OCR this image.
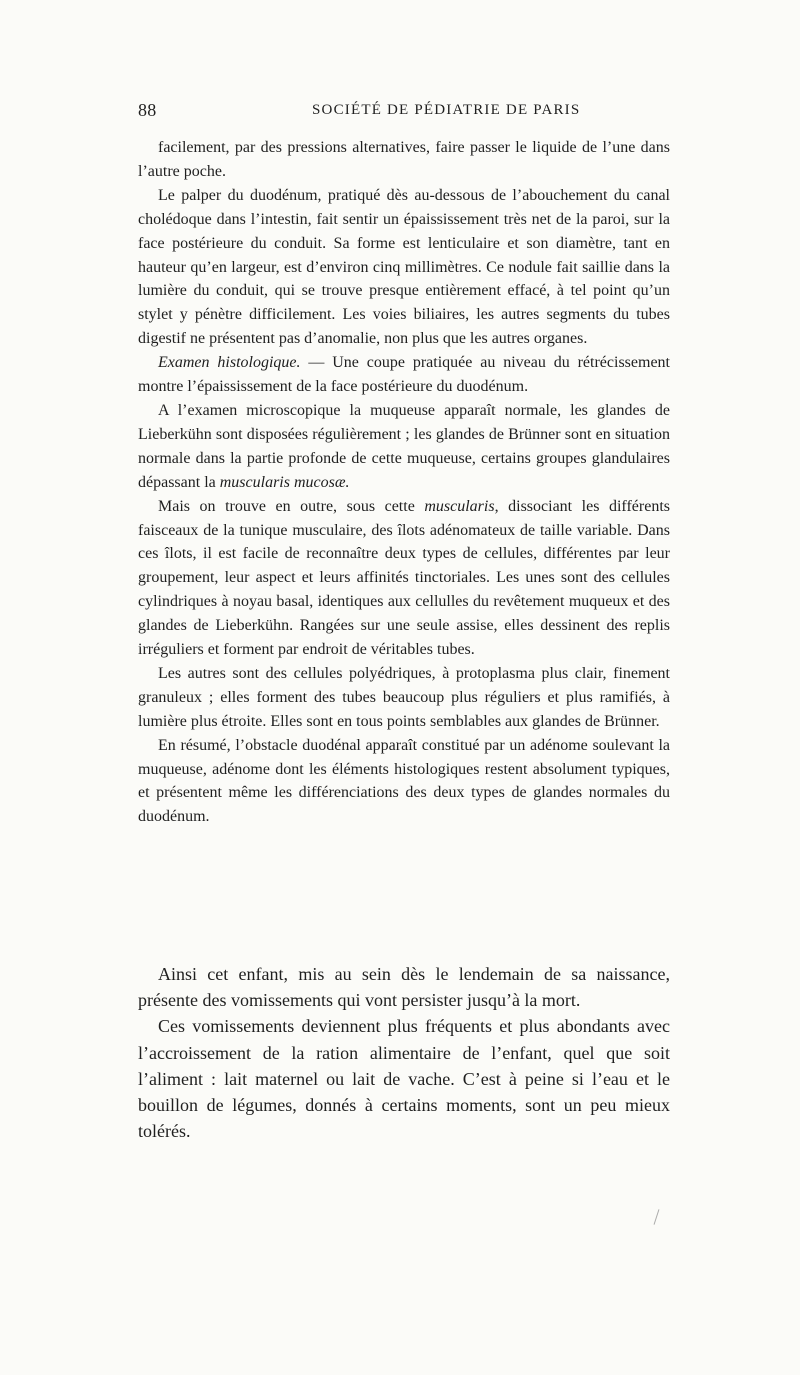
88	SOCIÉTÉ DE PÉDIATRIE DE PARIS

facilement, par des pressions alternatives, faire passer le liquide de l’une dans l’autre poche.

Le palper du duodénum, pratiqué dès au-dessous de l’abouchement du canal cholédoque dans l’intestin, fait sentir un épaississement très net de la paroi, sur la face postérieure du conduit. Sa forme est lenticulaire et son diamètre, tant en hauteur qu’en largeur, est d’environ cinq millimètres. Ce nodule fait saillie dans la lumière du conduit, qui se trouve presque entièrement effacé, à tel point qu’un stylet y pénètre difficilement. Les voies biliaires, les autres segments du tubes digestif ne présentent pas d’anomalie, non plus que les autres organes.

Examen histologique. — Une coupe pratiquée au niveau du rétrécissement montre l’épaississement de la face postérieure du duodénum.

A l’examen microscopique la muqueuse apparaît normale, les glandes de Lieberkühn sont disposées régulièrement ; les glandes de Brünner sont en situation normale dans la partie profonde de cette muqueuse, certains groupes glandulaires dépassant la muscularis mucosæ.

Mais on trouve en outre, sous cette muscularis, dissociant les différents faisceaux de la tunique musculaire, des îlots adénomateux de taille variable. Dans ces îlots, il est facile de reconnaître deux types de cellules, différentes par leur groupement, leur aspect et leurs affinités tinctoriales. Les unes sont des cellules cylindriques à noyau basal, identiques aux cellulles du revêtement muqueux et des glandes de Lieberkühn. Rangées sur une seule assise, elles dessinent des replis irréguliers et forment par endroit de véritables tubes.

Les autres sont des cellules polyédriques, à protoplasma plus clair, finement granuleux ; elles forment des tubes beaucoup plus réguliers et plus ramifiés, à lumière plus étroite. Elles sont en tous points semblables aux glandes de Brünner.

En résumé, l’obstacle duodénal apparaît constitué par un adénome soulevant la muqueuse, adénome dont les éléments histologiques restent absolument typiques, et présentent même les différenciations des deux types de glandes normales du duodénum.

Ainsi cet enfant, mis au sein dès le lendemain de sa naissance, présente des vomissements qui vont persister jusqu’à la mort.

Ces vomissements deviennent plus fréquents et plus abondants avec l’accroissement de la ration alimentaire de l’enfant, quel que soit l’aliment : lait maternel ou lait de vache. C’est à peine si l’eau et le bouillon de légumes, donnés à certains moments, sont un peu mieux tolérés.
